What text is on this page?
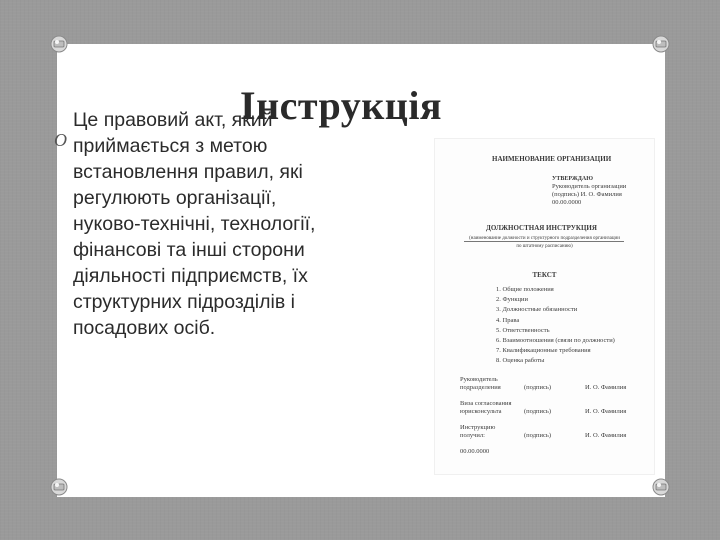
Інструкція
O
Це правовий акт, який
приймається з метою
встановлення правил, які
регулюють організації,
нуково-технічні, технології,
фінансові та інші сторони
діяльності підприємств, їх
структурних підрозділів і
посадових осіб.
НАИМЕНОВАНИЕ ОРГАНИЗАЦИИ
УТВЕРЖДАЮ
Руководитель организации
(подпись) И. О. Фамилия
00.00.0000
ДОЛЖНОСТНАЯ ИНСТРУКЦИЯ
(наименование должности и структурного подразделения организации
по штатному расписанию)
ТЕКСТ
1. Общие положения
2. Функции
3. Должностные обязанности
4. Права
5. Ответственность
6. Взаимоотношения (связи по должности)
7. Квалификационные требования
8. Оценка работы
Руководитель
подразделения	(подпись)	И. О. Фамилия
Виза согласования
юрисконсульта	(подпись)	И. О. Фамилия
Инструкцию
получил:	(подпись)	И. О. Фамилия
00.00.0000
